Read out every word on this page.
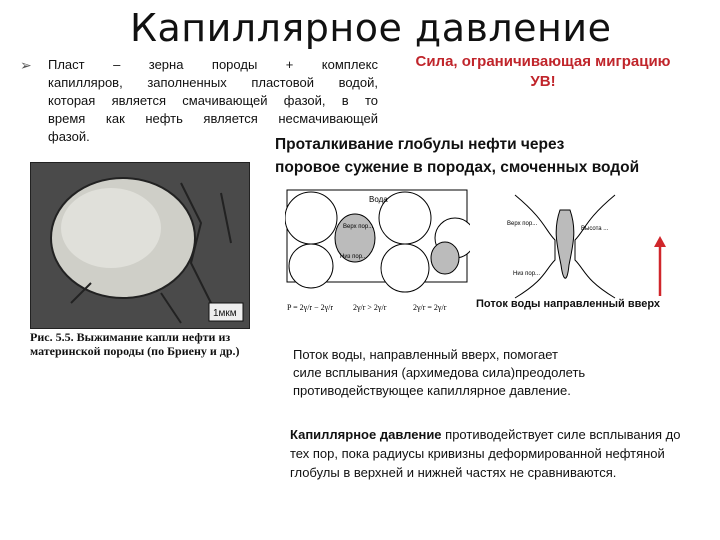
Капиллярное давление
➢ Пласт – зерна породы + комплекс
капилляров, заполненных пластовой водой,
которая является смачивающей фазой, в то
время как нефть является несмачивающей
фазой.
Сила, ограничивающая миграцию
УВ!
Проталкивание глобулы нефти через
поровое сужение в породах, смоченных водой
1мкм
Рис. 5.5. Выжимание капли нефти из
материнской породы (по Бриену и др.)
Вода
Верх пор...
Низ пор...
P = 2γ/r − 2γ/r 2γ/r > 2γ/r	2γ/r = 2γ/r
Верх пор...
Высота ...
Низ пор...
Поток воды направленный вверх
Поток воды, направленный вверх, помогает
силе всплывания (архимедова сила)преодолеть
противодействующее капиллярное давление.
Капиллярное давление противодействует силе всплывания до тех пор, пока радиусы кривизны деформированной нефтяной глобулы в верхней и нижней частях не сравниваются.
